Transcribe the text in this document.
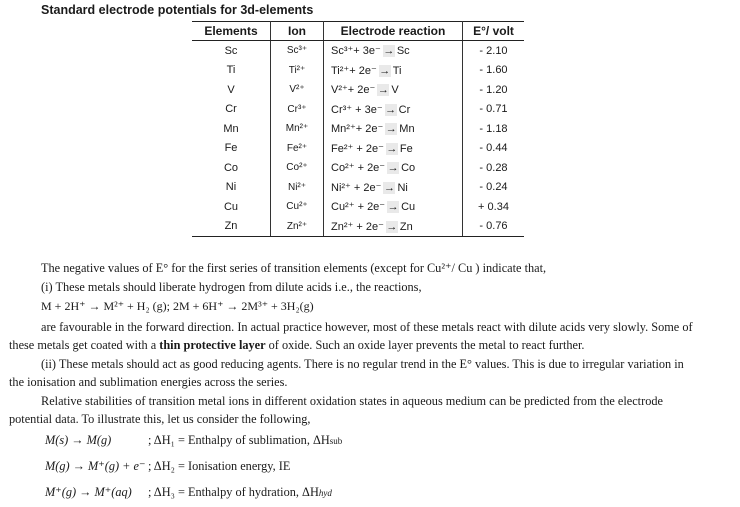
Standard electrode potentials for 3d-elements
Elements	Ion	Electrode reaction	E°/ volt
Sc	Sc³⁺	Sc³⁺+ 3e⁻ → Sc	- 2.10
Ti	Ti²⁺	Ti²⁺+ 2e⁻ → Ti	- 1.60
V	V²⁺	V²⁺+ 2e⁻ → V	- 1.20
Cr	Cr³⁺	Cr³⁺ + 3e⁻ → Cr	- 0.71
Mn	Mn²⁺	Mn²⁺+ 2e⁻ → Mn	- 1.18
Fe	Fe²⁺	Fe²⁺ + 2e⁻ → Fe	- 0.44
Co	Co²⁺	Co²⁺ + 2e⁻ → Co	- 0.28
Ni	Ni²⁺	Ni²⁺ + 2e⁻ → Ni	- 0.24
Cu	Cu²⁺	Cu²⁺ + 2e⁻ → Cu	+ 0.34
Zn	Zn²⁺	Zn²⁺ + 2e⁻ → Zn	- 0.76
The negative values of E° for the first series of transition elements (except for Cu²⁺/ Cu ) indicate that,
(i) These metals should liberate hydrogen from dilute acids i.e., the reactions,
M + 2H⁺ → M²⁺ + H₂ (g); 2M + 6H⁺ → 2M³⁺ + 3H₂(g)
are favourable in the forward direction. In actual practice however, most of these metals react with dilute acids very slowly. Some of
these metals get coated with a thin protective layer of oxide. Such an oxide layer prevents the metal to react further.
(ii) These metals should act as good reducing agents. There is no regular trend in the E° values. This is due to irregular variation in
the ionisation and sublimation energies across the series.
Relative stabilities of transition metal ions in different oxidation states in aqueous medium can be predicted from the electrode
potential data. To illustrate this, let us consider the following,
M(s) → M(g)	; ΔH₁ = Enthalpy of sublimation, ΔHsub
M(g) → M⁺(g) + e⁻ ; ΔH₂ = Ionisation energy, IE
M⁺(g) → M⁺(aq) ; ΔH₃ = Enthalpy of hydration, ΔHhyd
